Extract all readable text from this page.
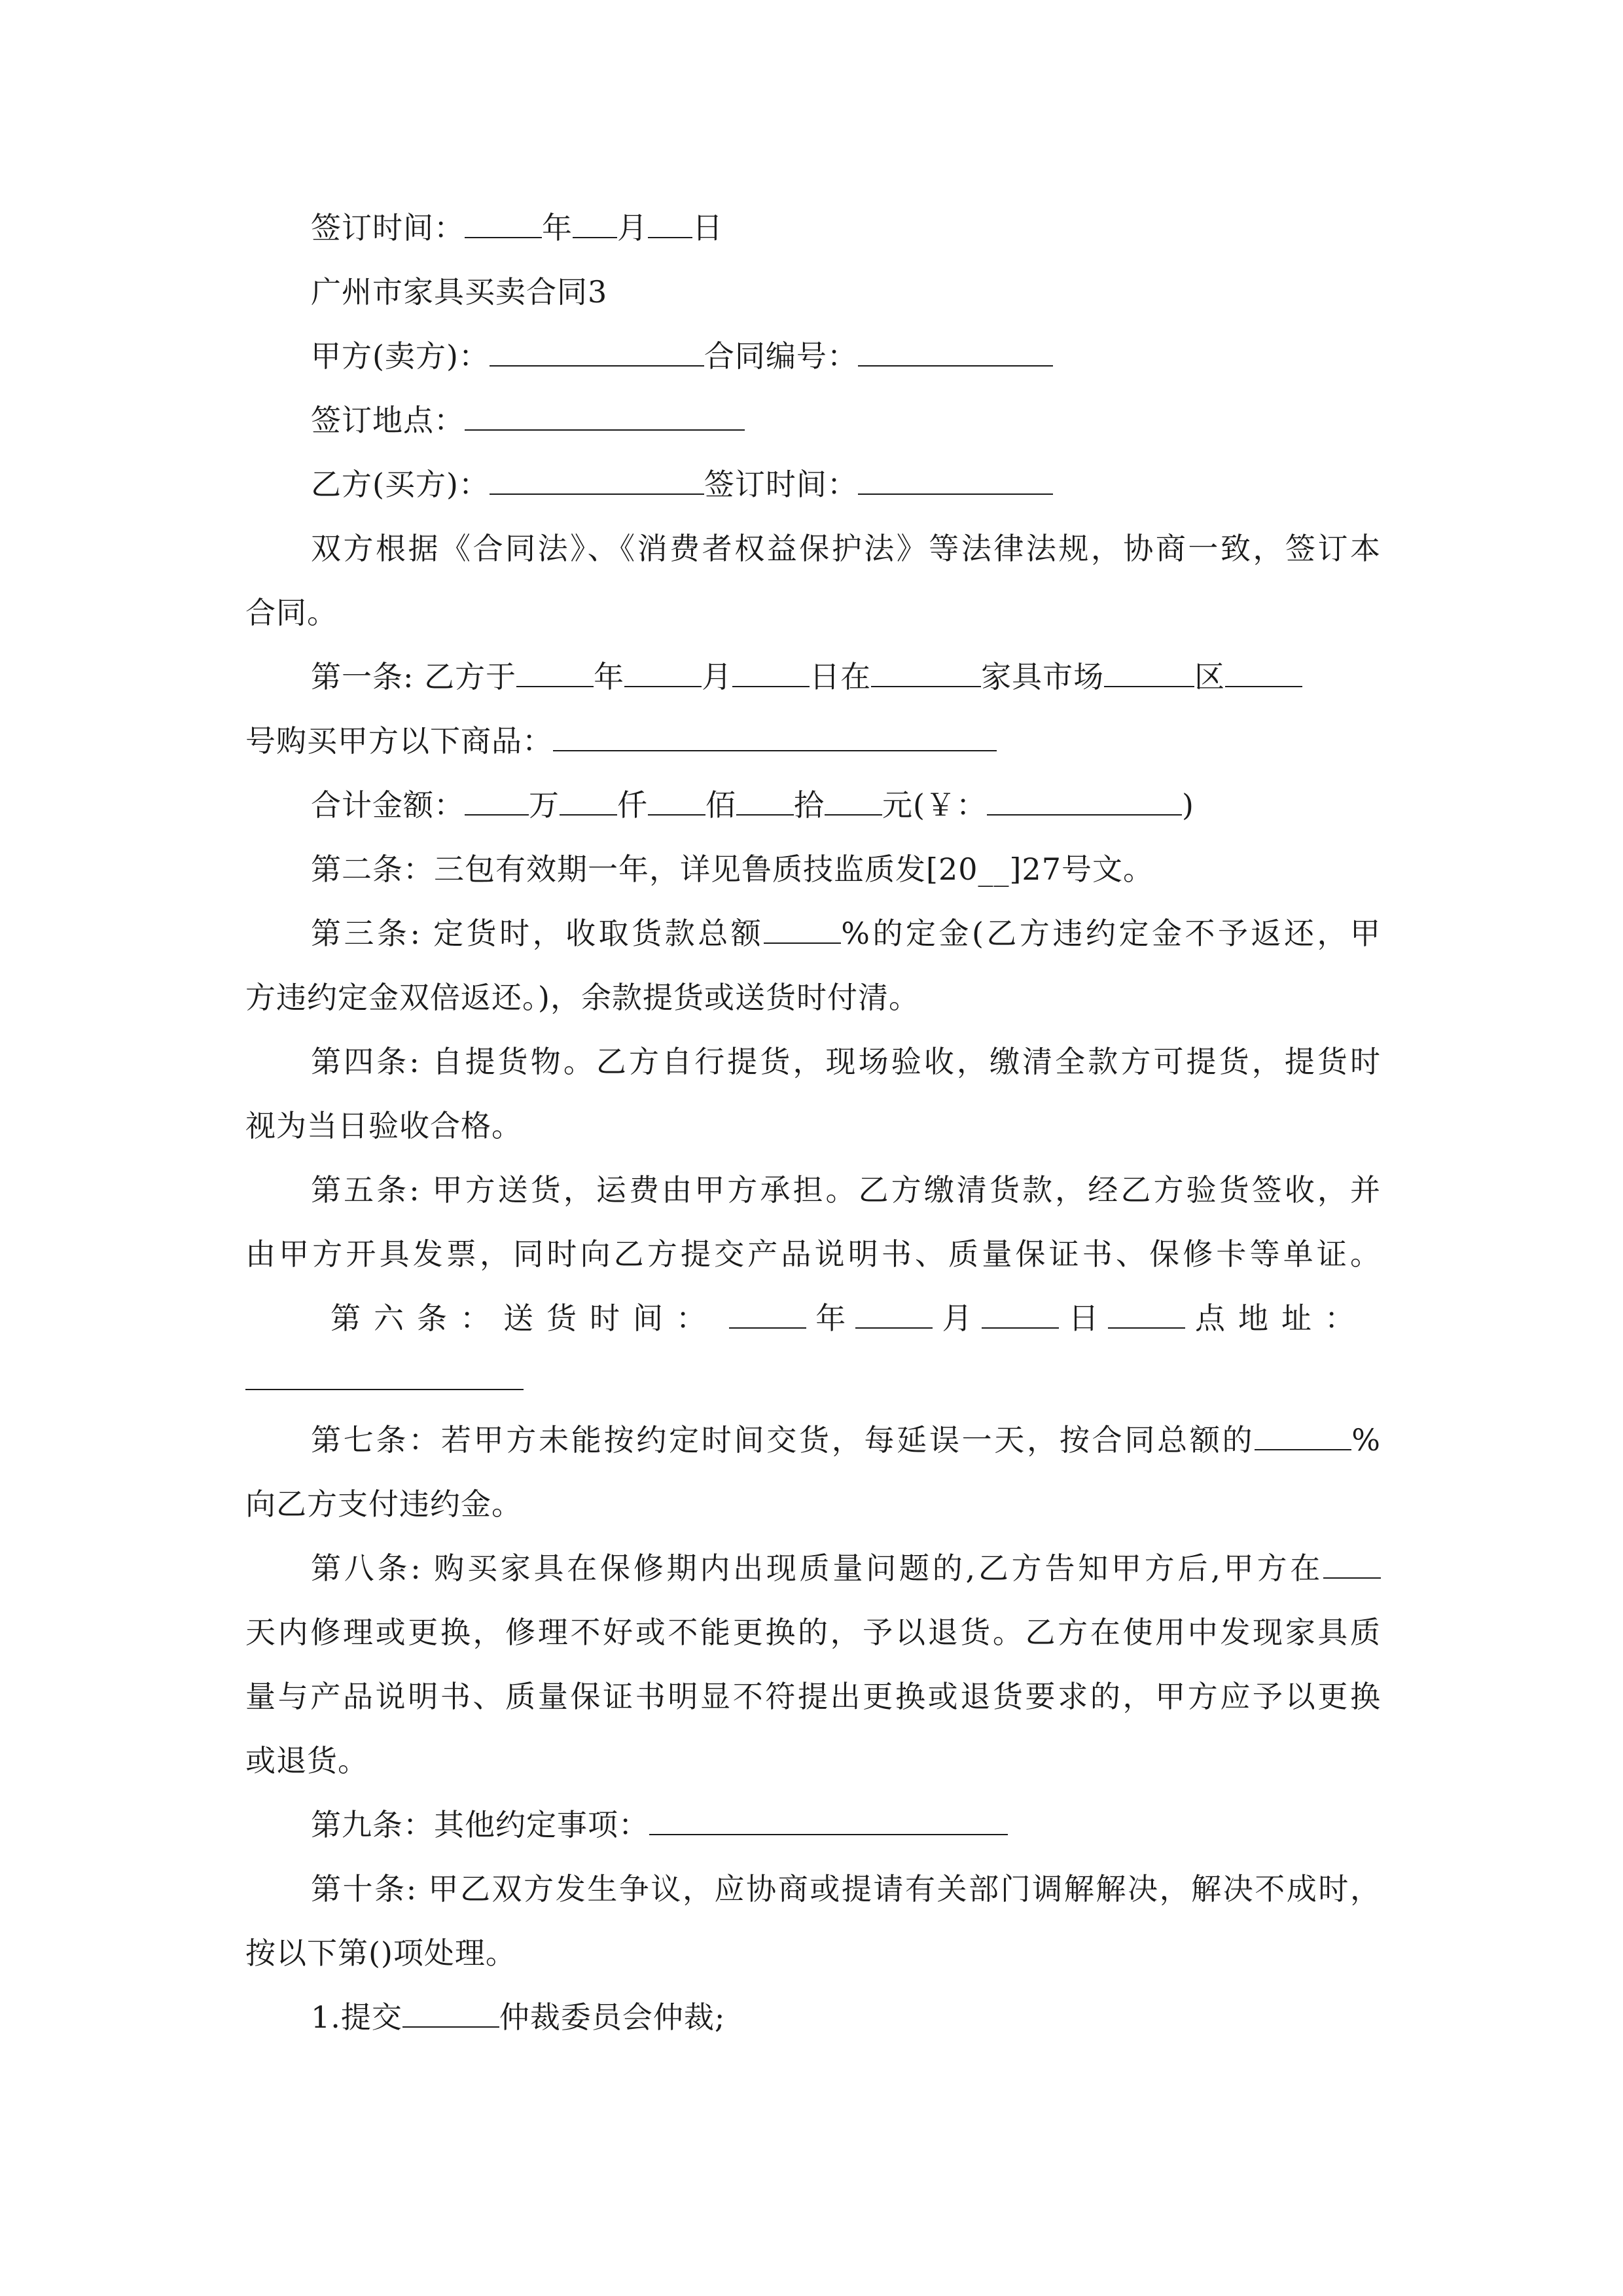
签订时间：	年 月 日
广州市家具买卖合同3
甲方(卖方)：	合同编号：
签订地点：
乙方(买方)：	签订时间：
双方根据《合同法》、《消费者权益保护法》等法律法规，协商一致，签订本
合同。
第一条: 乙方于	年	月	日在	家具市场	区
号购买甲方以下商品：
合计金额： 万 仟 佰 拾 元(￥：	)
第二条：三包有效期一年，详见鲁质技监质发[20__]27号文。
第三条: 定货时，收取货款总额	%的定金(乙方违约定金不予返还，甲
方违约定金双倍返还。)，余款提货或送货时付清。
第四条: 自提货物。乙方自行提货，现场验收，缴清全款方可提货，提货时
视为当日验收合格。
第五条: 甲方送货，运费由甲方承担。乙方缴清货款，经乙方验货签收，并
由甲方开具发票，同时向乙方提交产品说明书、质量保证书、保修卡等单证。
第六条：送货时间：	年	月	日	点地址：
第七条：若甲方未能按约定时间交货，每延误一天，按合同总额的	%
向乙方支付违约金。
第八条: 购买家具在保修期内出现质量问题的,乙方告知甲方后,甲方在
天内修理或更换，修理不好或不能更换的，予以退货。乙方在使用中发现家具质
量与产品说明书、质量保证书明显不符提出更换或退货要求的，甲方应予以更换
或退货。
第九条：其他约定事项：
第十条: 甲乙双方发生争议，应协商或提请有关部门调解解决，解决不成时，
按以下第()项处理。
1.提交	仲裁委员会仲裁;
